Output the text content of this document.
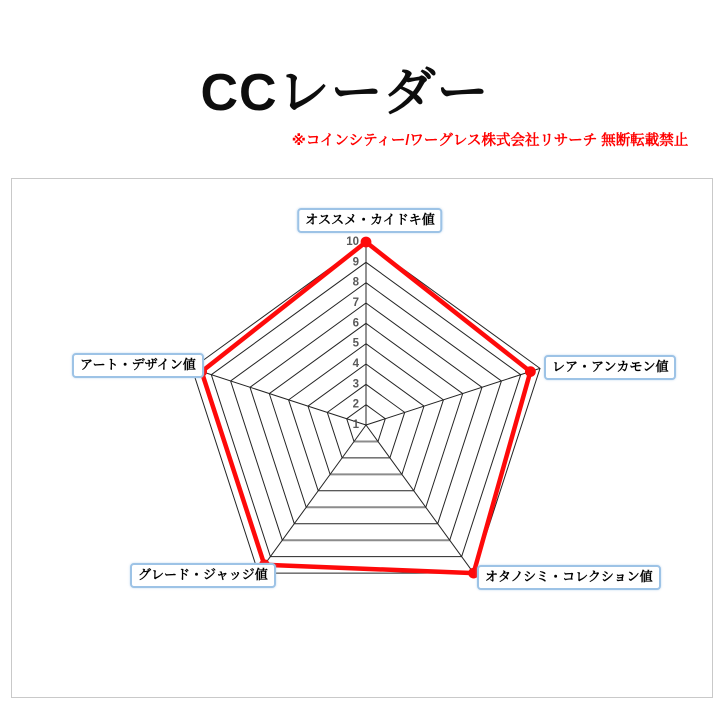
CCレーダー
※コインシティー/ワーグレス株式会社リサーチ 無断転載禁止
1
2
3
4
5
6
7
8
9
10
オススメ・カイドキ値
レア・アンカモン値
オタノシミ・コレクション値
グレード・ジャッジ値
アート・デザイン値
